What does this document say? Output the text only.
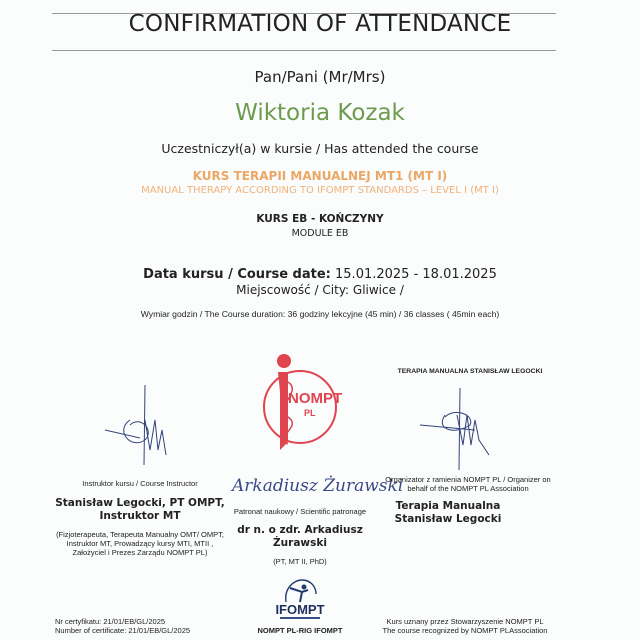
CONFIRMATION OF ATTENDANCE
Pan/Pani (Mr/Mrs)
Wiktoria Kozak
Uczestniczył(a) w kursie / Has attended the course
KURS TERAPII MANUALNEJ MT1 (MT I)
MANUAL THERAPY ACCORDING TO IFOMPT STANDARDS – LEVEL I (MT I)
KURS EB - KOŃCZYNY
MODULE EB
Data kursu / Course date: 15.01.2025 - 18.01.2025
Miejscowość / City: Gliwice /
Wymiar godzin / The Course duration: 36 godziny lekcyjne (45 min) / 36 classes ( 45min each)
NOMPT
PL
Instruktor kursu / Course Instructor
Stanisław Legocki, PT OMPT,
Instruktor MT
(Fizjoterapeuta, Terapeuta Manualny OMT/ OMPT,
Instruktor MT, Prowadzący kursy MTI, MTII ,
Założyciel i Prezes Zarządu NOMPT PL)
Arkadiusz Żurawski
Patronat naukowy / Scientific patronage
dr n. o zdr. Arkadiusz
Żurawski
(PT, MT II, PhD)
TERAPIA MANUALNA STANISŁAW LEGOCKI
Organizator z ramienia NOMPT PL / Organizer on
behalf of the NOMPT PL Association
Terapia Manualna
Stanisław Legocki
Nr certyfikatu: 21/01/EB/GL/2025
Number of certificate: 21/01/EB/GL/2025
IFOMPT
NOMPT PL-RIG IFOMPT
Kurs uznany przez Stowarzyszenie NOMPT PL
The course recognized by NOMPT PLAssociation
